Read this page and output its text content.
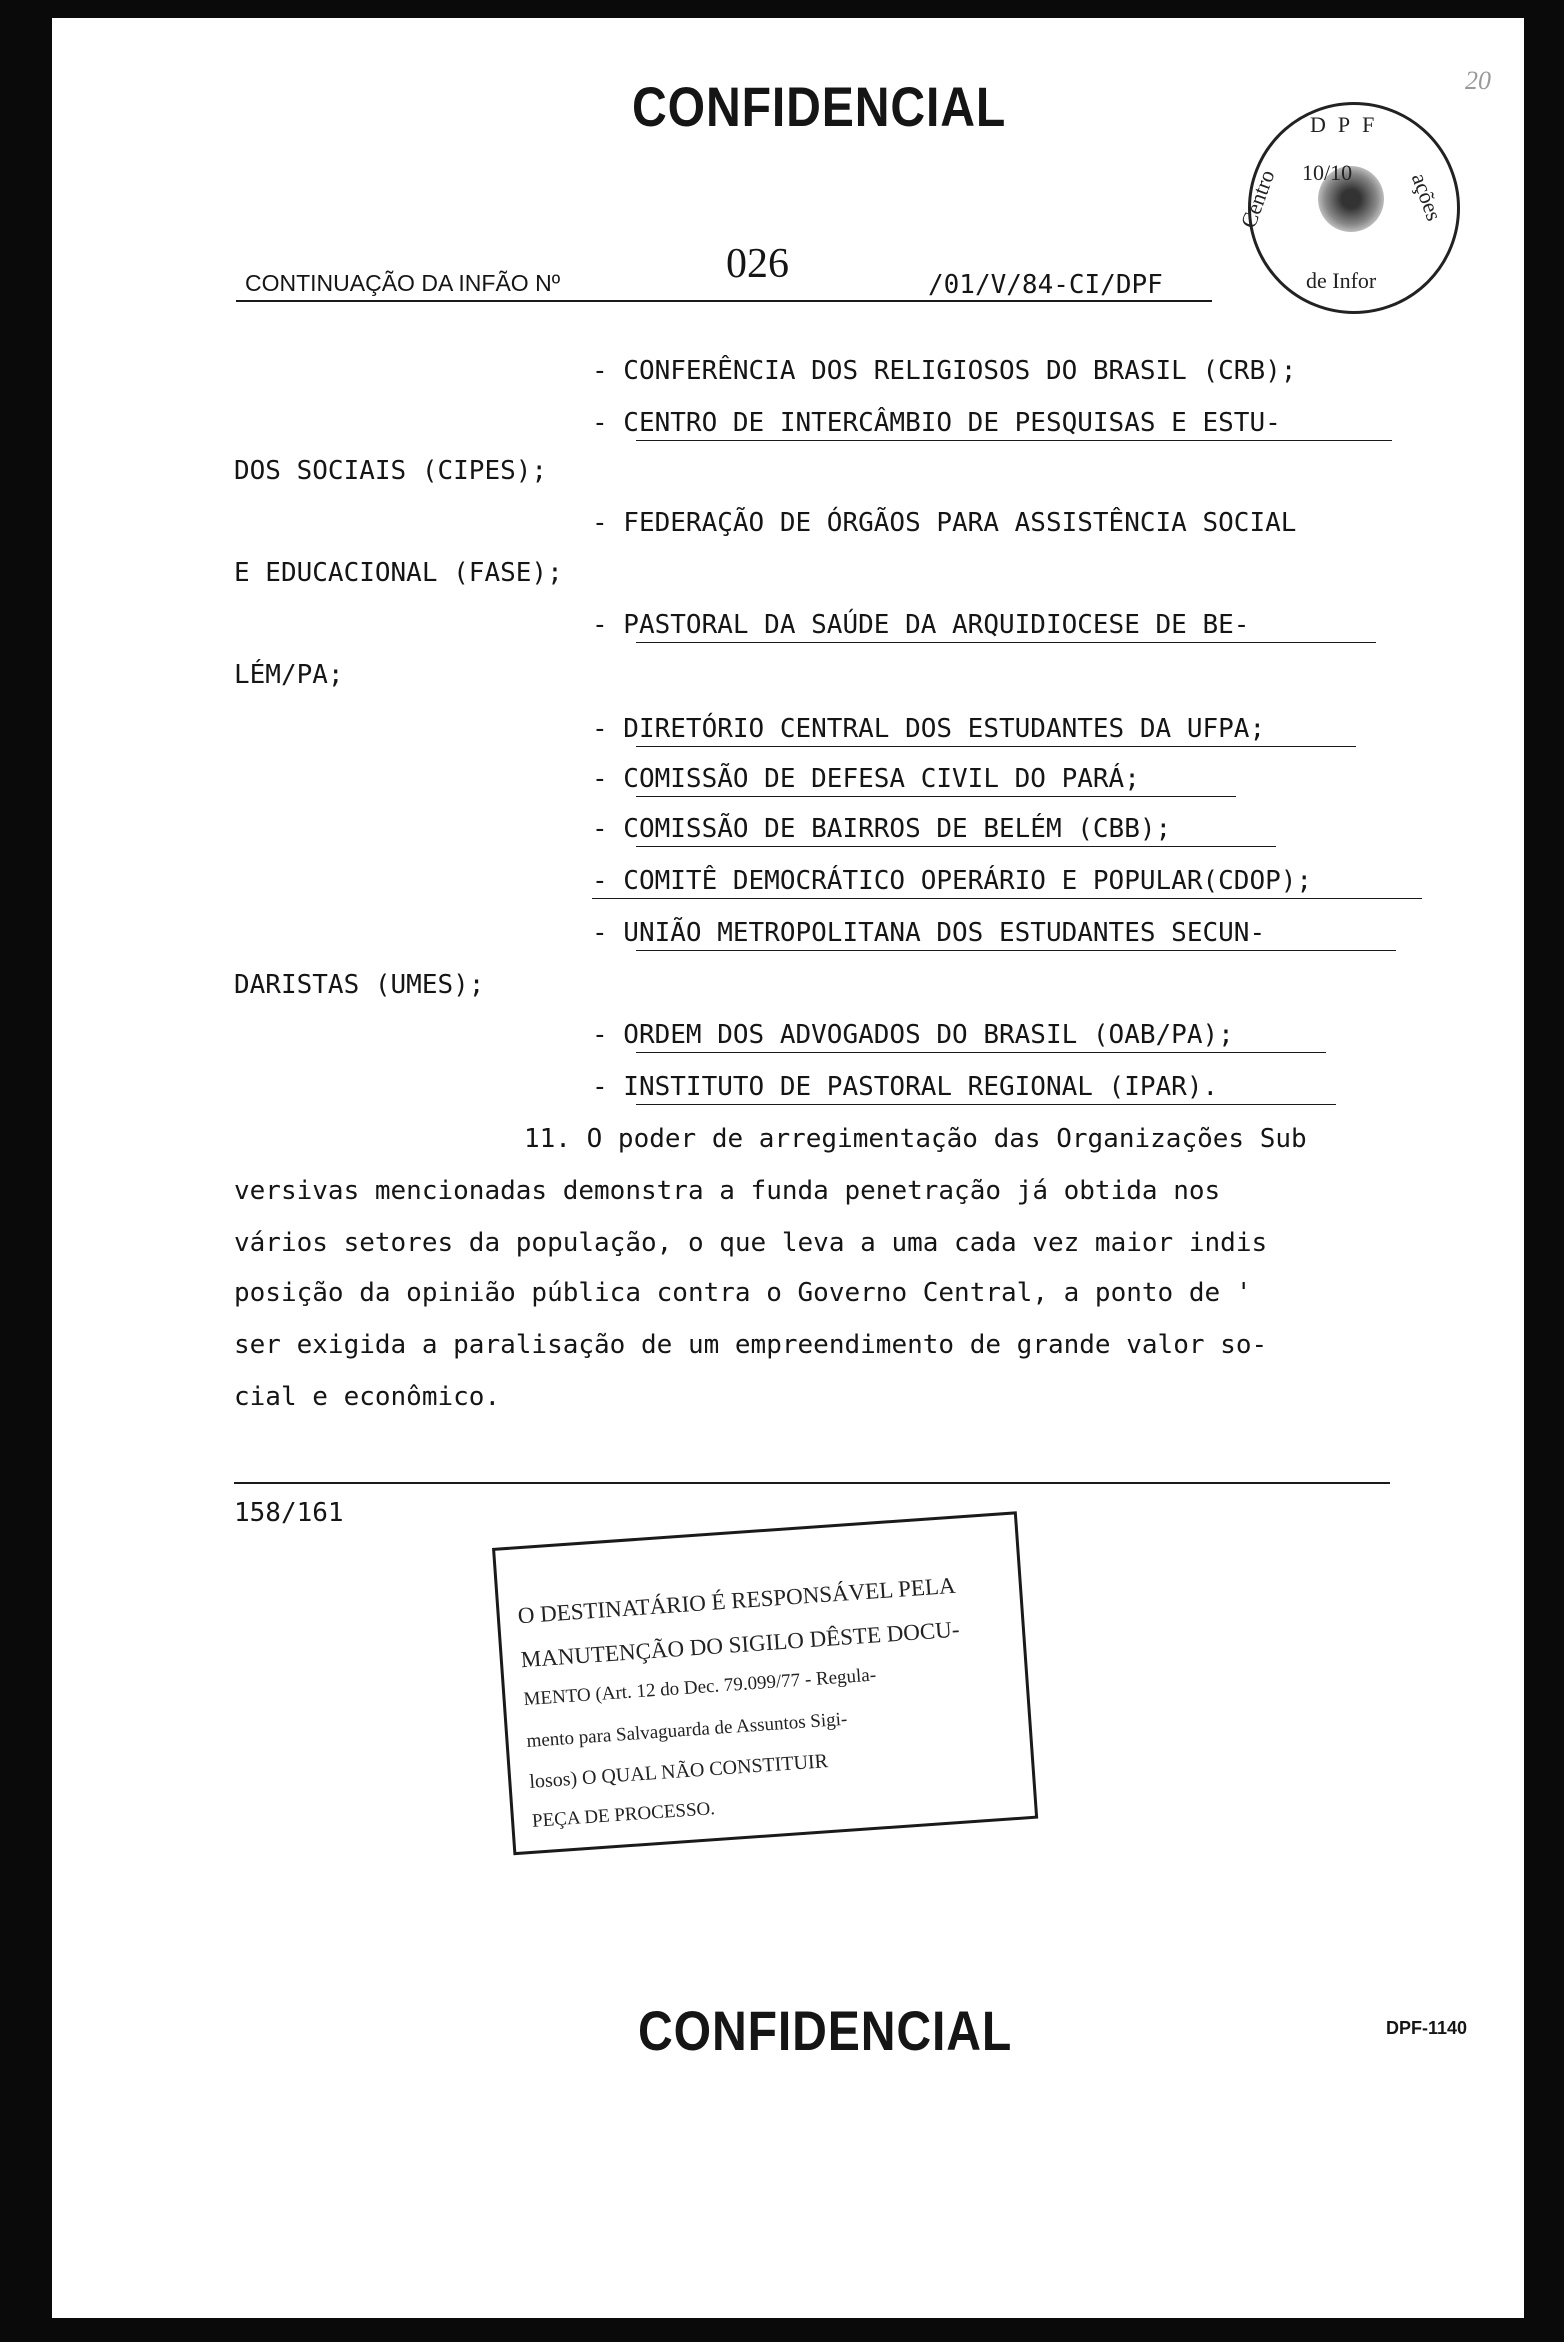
20
CONFIDENCIAL	DPF
10/10
Centro	ações
de Infor
CONTINUAÇÃO DA INFÃO Nº	026	/01/V/84-CI/DPF
- CONFERÊNCIA DOS RELIGIOSOS DO BRASIL (CRB);
- CENTRO DE INTERCÂMBIO DE PESQUISAS E ESTU-
DOS SOCIAIS (CIPES);
- FEDERAÇÃO DE ÓRGÃOS PARA ASSISTÊNCIA SOCIAL
E EDUCACIONAL (FASE);
- PASTORAL DA SAÚDE DA ARQUIDIOCESE DE BE-
LÉM/PA;
- DIRETÓRIO CENTRAL DOS ESTUDANTES DA UFPA;
- COMISSÃO DE DEFESA CIVIL DO PARÁ;
- COMISSÃO DE BAIRROS DE BELÉM (CBB);
- COMITÊ DEMOCRÁTICO OPERÁRIO E POPULAR(CDOP);
- UNIÃO METROPOLITANA DOS ESTUDANTES SECUN-
DARISTAS (UMES);
- ORDEM DOS ADVOGADOS DO BRASIL (OAB/PA);
- INSTITUTO DE PASTORAL REGIONAL (IPAR).
11. O poder de arregimentação das Organizações Sub
versivas mencionadas demonstra a funda penetração já obtida nos
vários setores da população, o que leva a uma cada vez maior indis
posição da opinião pública contra o Governo Central, a ponto de '
ser exigida a paralisação de um empreendimento de grande valor so-
cial e econômico.
158/161
O DESTINATÁRIO É RESPONSÁVEL PELA
MANUTENÇÃO DO SIGILO DÊSTE DOCU-
MENTO (Art. 12 do Dec. 79.099/77 - Regula-
mento para Salvaguarda de Assuntos Sigi-
losos) O QUAL NÃO CONSTITUIR
PEÇA DE PROCESSO.
CONFIDENCIAL	DPF-1140
